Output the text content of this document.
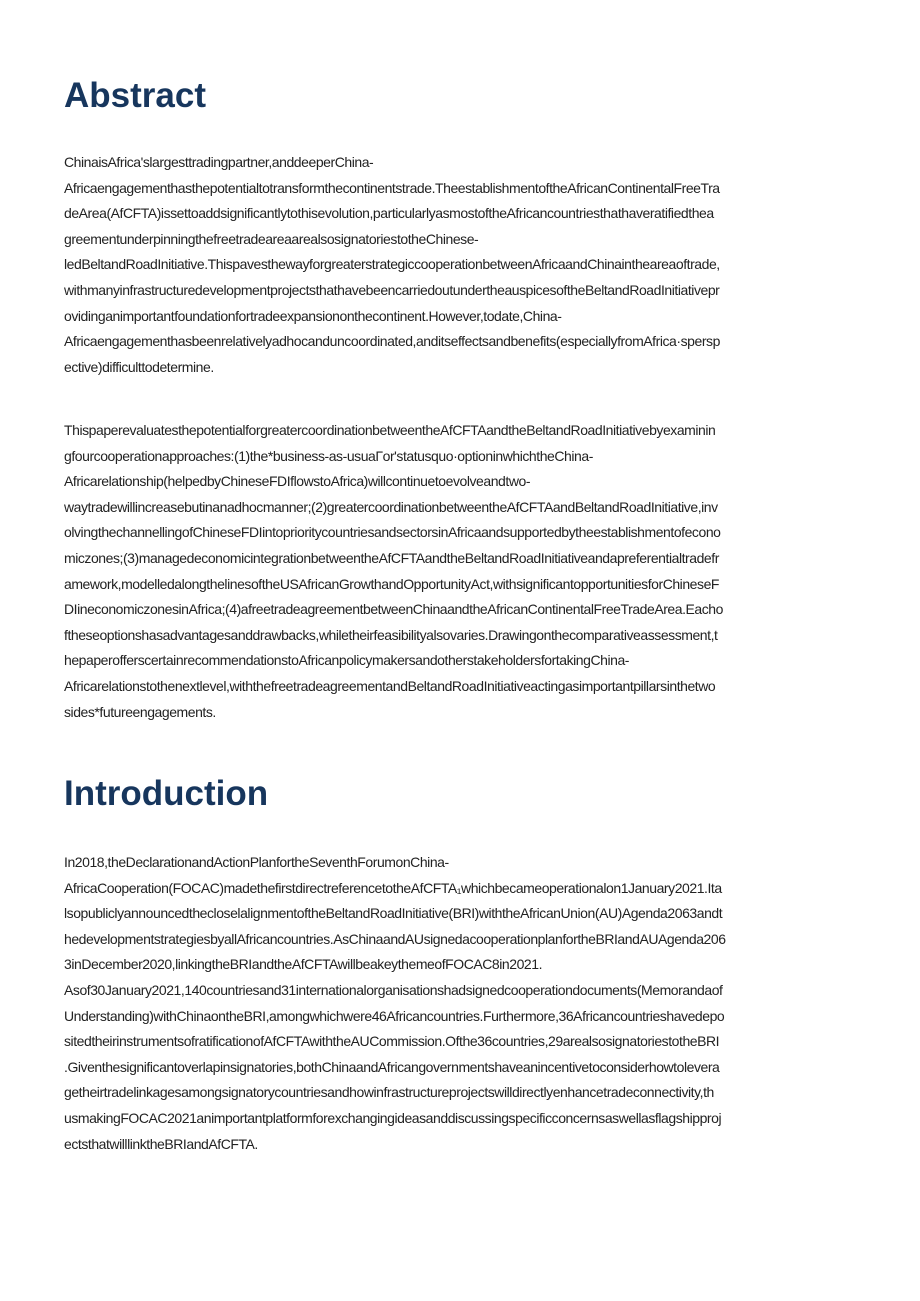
Abstract
ChinaisAfrica'slargesttradingpartner,anddeeperChina-
Africaengagementhasthepotentialtotransformthecontinentstrade.TheestablishmentoftheAfricanContinentalFreeTra
deArea(AfCFTA)issettoaddsignificantlytothisevolution,particularlyasmostoftheAfricancountriesthathaveratifiedthea
greementunderpinningthefreetradeareaarealsosignatoriestotheChinese-
ledBeltandRoadInitiative.ThispavesthewayforgreaterstrategiccooperationbetweenAfricaandChinaintheareaoftrade,
withmanyinfrastructuredevelopmentprojectsthathavebeencarriedoutundertheauspicesoftheBeltandRoadInitiativepr
ovidinganimportantfoundationfortradeexpansiononthecontinent.However,todate,China-
Africaengagementhasbeenrelativelyadhocanduncoordinated,anditseffectsandbenefits(especiallyfromAfrica·spersp
ective)difficulttodetermine.
ThispaperevaluatesthepotentialforgreatercoordinationbetweentheAfCFTAandtheBeltandRoadInitiativebyexaminin
gfourcooperationapproaches:(1)the*business-as-usuaΓor'statusquo·optioninwhichtheChina-
Africarelationship(helpedbyChineseFDIflowstoAfrica)willcontinuetoevolveandtwo-
waytradewillincreasebutinanadhocmanner;(2)greatercoordinationbetweentheAfCFTAandBeltandRoadInitiative,inv
olvingthechannellingofChineseFDIintoprioritycountriesandsectorsinAfricaandsupportedbytheestablishmentofecono
miczones;(3)managedeconomicintegrationbetweentheAfCFTAandtheBeltandRoadInitiativeandapreferentialtradefr
amework,modelledalongthelinesoftheUSAfricanGrowthandOpportunityAct,withsignificantopportunitiesforChineseF
DIineconomiczonesinAfrica;(4)afreetradeagreementbetweenChinaandtheAfricanContinentalFreeTradeArea.Eacho
ftheseoptionshasadvantagesanddrawbacks,whiletheirfeasibilityalsovaries.Drawingonthecomparativeassessment,t
hepaperofferscertainrecommendationstoAfricanpolicymakersandotherstakeholdersfortakingChina-
Africarelationstothenextlevel,withthefreetradeagreementandBeltandRoadInitiativeactingasimportantpillarsinthetwo
sides*futureengagements.
Introduction
In2018,theDeclarationandActionPlanfortheSeventhForumonChina-
AfricaCooperation(FOCAC)madethefirstdirectreferencetotheAfCFTA₁whichbecameoperationalon1January2021.Ita
lsopubliclyannouncedthecloselalignmentoftheBeltandRoadInitiative(BRI)withtheAfricanUnion(AU)Agenda2063andt
hedevelopmentstrategiesbyallAfricancountries.AsChinaandAUsignedacooperationplanfortheBRIandAUAgenda206
3inDecember2020,linkingtheBRIandtheAfCFTAwillbeakeythemeofFOCAC8in2021.
Asof30January2021,140countriesand31internationalorganisationshadsignedcooperationdocuments(Memorandaof
Understanding)withChinaontheBRI,amongwhichwere46Africancountries.Furthermore,36Africancountrieshavedepo
sitedtheirinstrumentsofratificationofAfCFTAwiththeAUCommission.Ofthe36countries,29arealsosignatoriestotheBRI
.Giventhesignificantoverlapinsignatories,bothChinaandAfricangovernmentshaveanincentivetoconsiderhowtolevera
getheirtradelinkagesamongsignatorycountriesandhowinfrastructureprojectswilldirectlyenhancetradeconnectivity,th
usmakingFOCAC2021animportantplatformforexchangingideasanddiscussingspecificconcernsaswellasflagshipproj
ectsthatwilllinktheBRIandAfCFTA.
